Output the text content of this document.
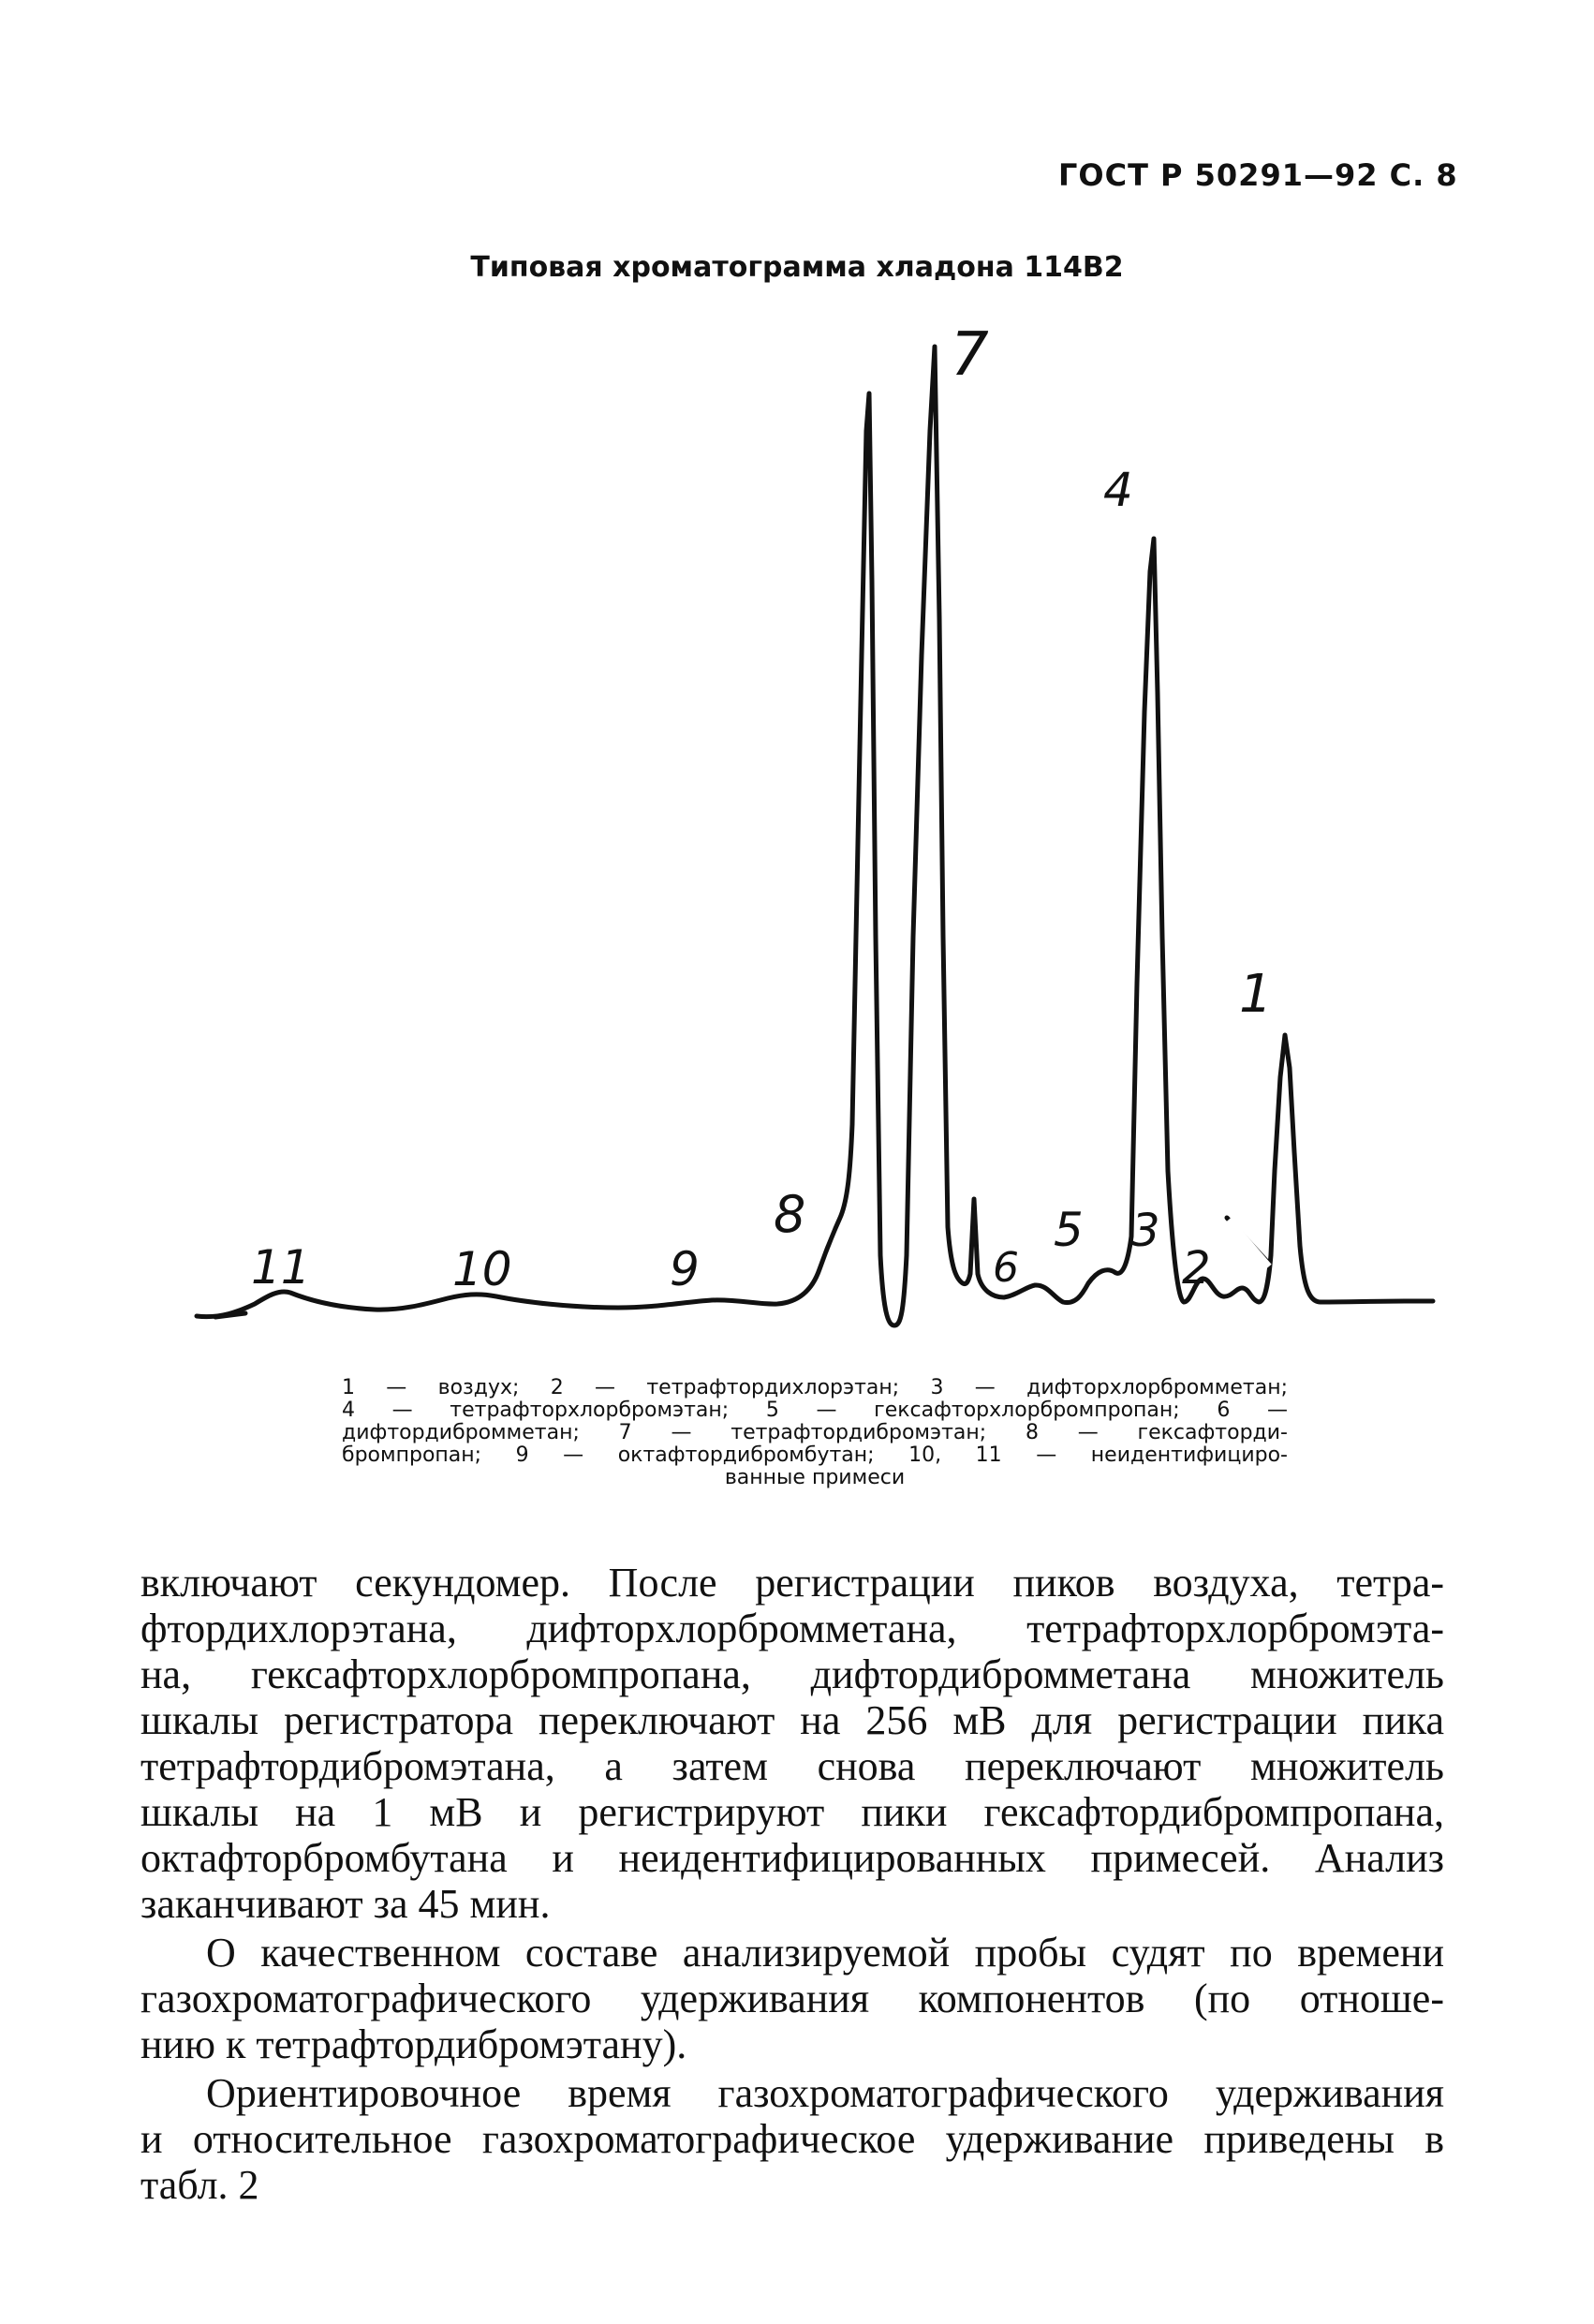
ГОСТ Р 50291—92 С. 8
Типовая хроматограмма хладона 114В2
7
4
1
8	5 3
2
6
11	10	9
1 — воздух; 2 — тетрафтордихлорэтан; 3 — дифторхлорбромметан;
4 — тетрафторхлорбромэтан; 5 — гексафторхлорбромпропан; 6 —
дифтордибромметан; 7 — тетрафтордибромэтан; 8 — гексафторди-
бромпропан; 9 — октафтордибромбутан; 10, 11 — неидентифициро-
ванные примеси
включают секундомер. После регистрации пиков воздуха, тетра-
фтордихлорэтана, дифторхлорбромметана, тетрафторхлорбромэта-
на, гексафторхлорбромпропана, дифтордибромметана множитель
шкалы регистратора переключают на 256 мВ для регистрации пика
тетрафтордибромэтана, а затем снова переключают множитель
шкалы на 1 мВ и регистрируют пики гексафтордибромпропана,
октафторбромбутана и неидентифицированных примесей. Анализ
заканчивают за 45 мин.
О качественном составе анализируемой пробы судят по времени
газохроматографического удерживания компонентов (по отноше-
нию к тетрафтордибромэтану).
Ориентировочное время газохроматографического удерживания
и относительное газохроматографическое удерживание приведены в
табл. 2
